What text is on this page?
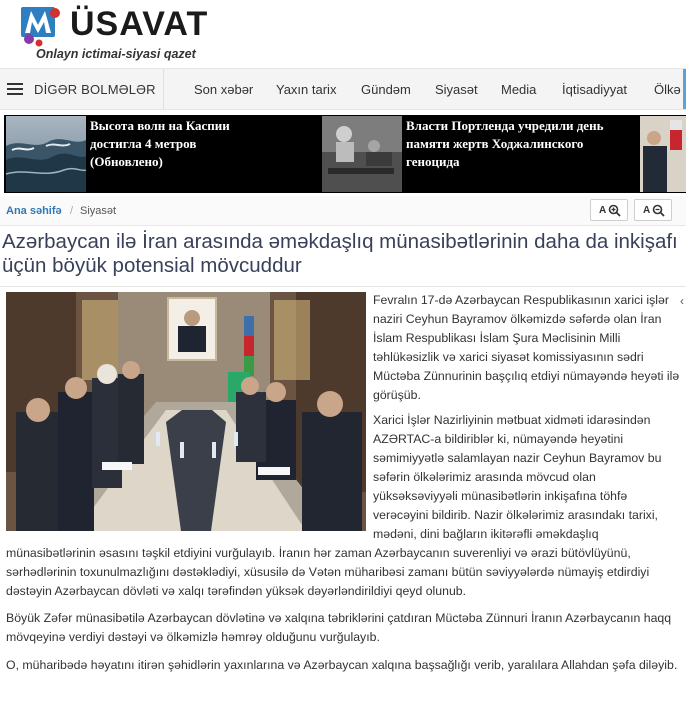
ÜSAVAT
Onlayn ictimai-siyasi qazet
DİGƏR BOLMƏLƏR	Son xəbər Yaxın tarix Gündəm Siyasət Media İqtisadiyyat Ölkə
Высота волн на Каспии достигла 4 метров (Обновлено)
Власти Портленда учредили день памяти жертв Ходжалинского геноцида
Ana səhifə / Siyasət	A	A
Azərbaycan ilə İran arasında əməkdaşlıq münasibətlərinin daha da inkişafı üçün böyük potensial mövcuddur

Fevralın 17-də Azərbaycan Respublikasının xarici işlər naziri Ceyhun Bayramov ölkəmizdə səfərdə olan İran İslam Respublikası İslam Şura Məclisinin Milli təhlükəsizlik və xarici siyasət komissiyasının sədri Müctəba Zünnurinin başçılıq etdiyi nümayəndə heyəti ilə görüşüb.

Xarici İşlər Nazirliyinin mətbuat xidməti idarəsindən AZƏRTAC-a bildiriblər ki, nümayəndə heyətini səmimiyyətlə salamlayan nazir Ceyhun Bayramov bu səfərin ölkələrimiz arasında mövcud olan yüksəksəviyyəli münasibətlərin inkişafına töhfə verəcəyini bildirib. Nazir ölkələrimiz arasındakı tarixi, mədəni, dini bağların ikitərəfli əməkdaşlıq

münasibətlərinin əsasını təşkil etdiyini vurğulayıb. İranın hər zaman Azərbaycanın suverenliyi və ərazi bütövlüyünü, sərhədlərinin toxunulmazlığını dəstəklədiyi, xüsusilə də Vətən müharibəsi zamanı bütün səviyyələrdə nümayiş etdirdiyi dəstəyin Azərbaycan dövləti və xalqı tərəfindən yüksək dəyərləndirildiyi qeyd olunub.

Böyük Zəfər münasibətilə Azərbaycan dövlətinə və xalqına təbriklərini çatdıran Müctəba Zünnuri İranın Azərbaycanın haqq mövqeyinə verdiyi dəstəyi və ölkəmizlə həmrəy olduğunu vurğulayıb.

O, müharibədə həyatını itirən şəhidlərin yaxınlarına və Azərbaycan xalqına başsağlığı verib, yaralılara Allahdan şəfa diləyib.

‹
